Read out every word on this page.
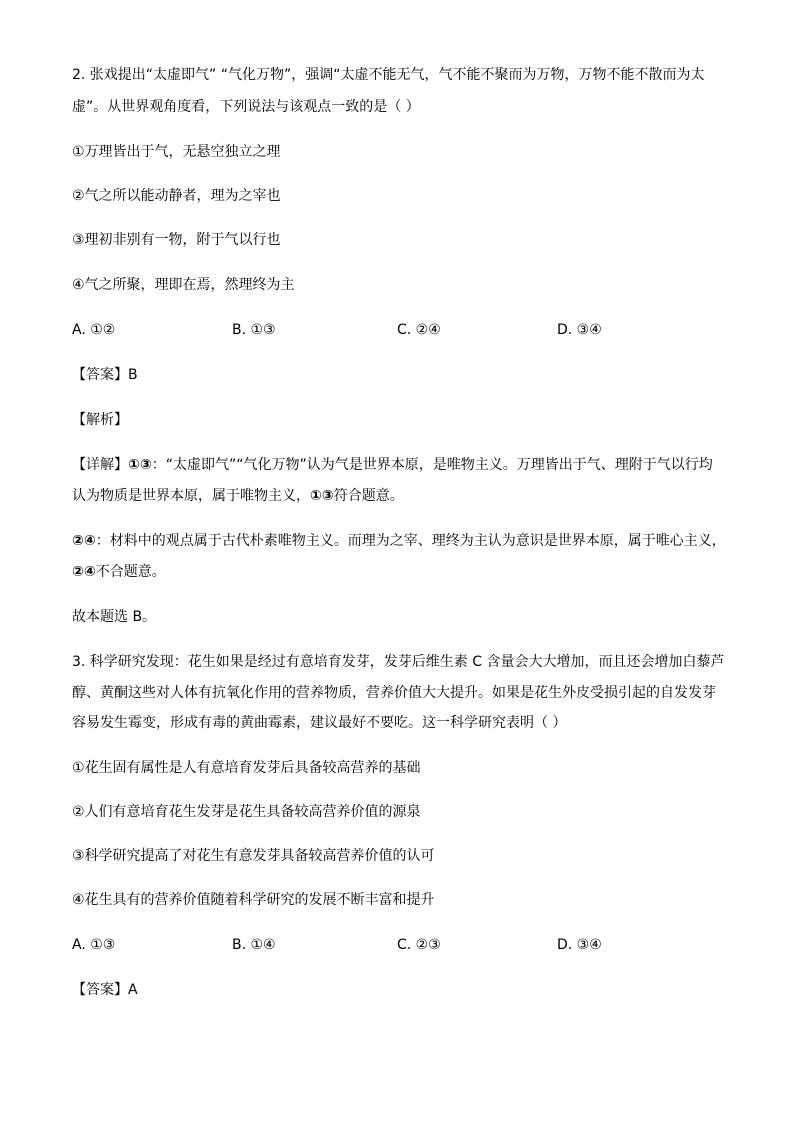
2. 张戏提出“太虚即气” “气化万物”，强调“太虚不能无气，气不能不聚而为万物，万物不能不散而为太
虚”。从世界观角度看，下列说法与该观点一致的是（ ）
①万理皆出于气，无悬空独立之理
②气之所以能动静者，理为之宰也
③理初非别有一物，附于气以行也
④气之所聚，理即在焉，然理终为主
A. ①②	B. ①③	C. ②④	D. ③④
【答案】B
【解析】
【详解】①③：“太虚即气”“气化万物”认为气是世界本原，是唯物主义。万理皆出于气、理附于气以行均
认为物质是世界本原，属于唯物主义，①③符合题意。
②④：材料中的观点属于古代朴素唯物主义。而理为之宰、理终为主认为意识是世界本原，属于唯心主义，
②④不合题意。
故本题选 B。
3. 科学研究发现：花生如果是经过有意培育发芽，发芽后维生素 C 含量会大大增加，而且还会增加白藜芦
醇、黄酮这些对人体有抗氧化作用的营养物质，营养价值大大提升。如果是花生外皮受损引起的自发发芽
容易发生霉变，形成有毒的黄曲霉素，建议最好不要吃。这一科学研究表明（ ）
①花生固有属性是人有意培育发芽后具备较高营养的基础
②人们有意培育花生发芽是花生具备较高营养价值的源泉
③科学研究提高了对花生有意发芽具备较高营养价值的认可
④花生具有的营养价值随着科学研究的发展不断丰富和提升
A. ①③	B. ①④	C. ②③	D. ③④
【答案】A
